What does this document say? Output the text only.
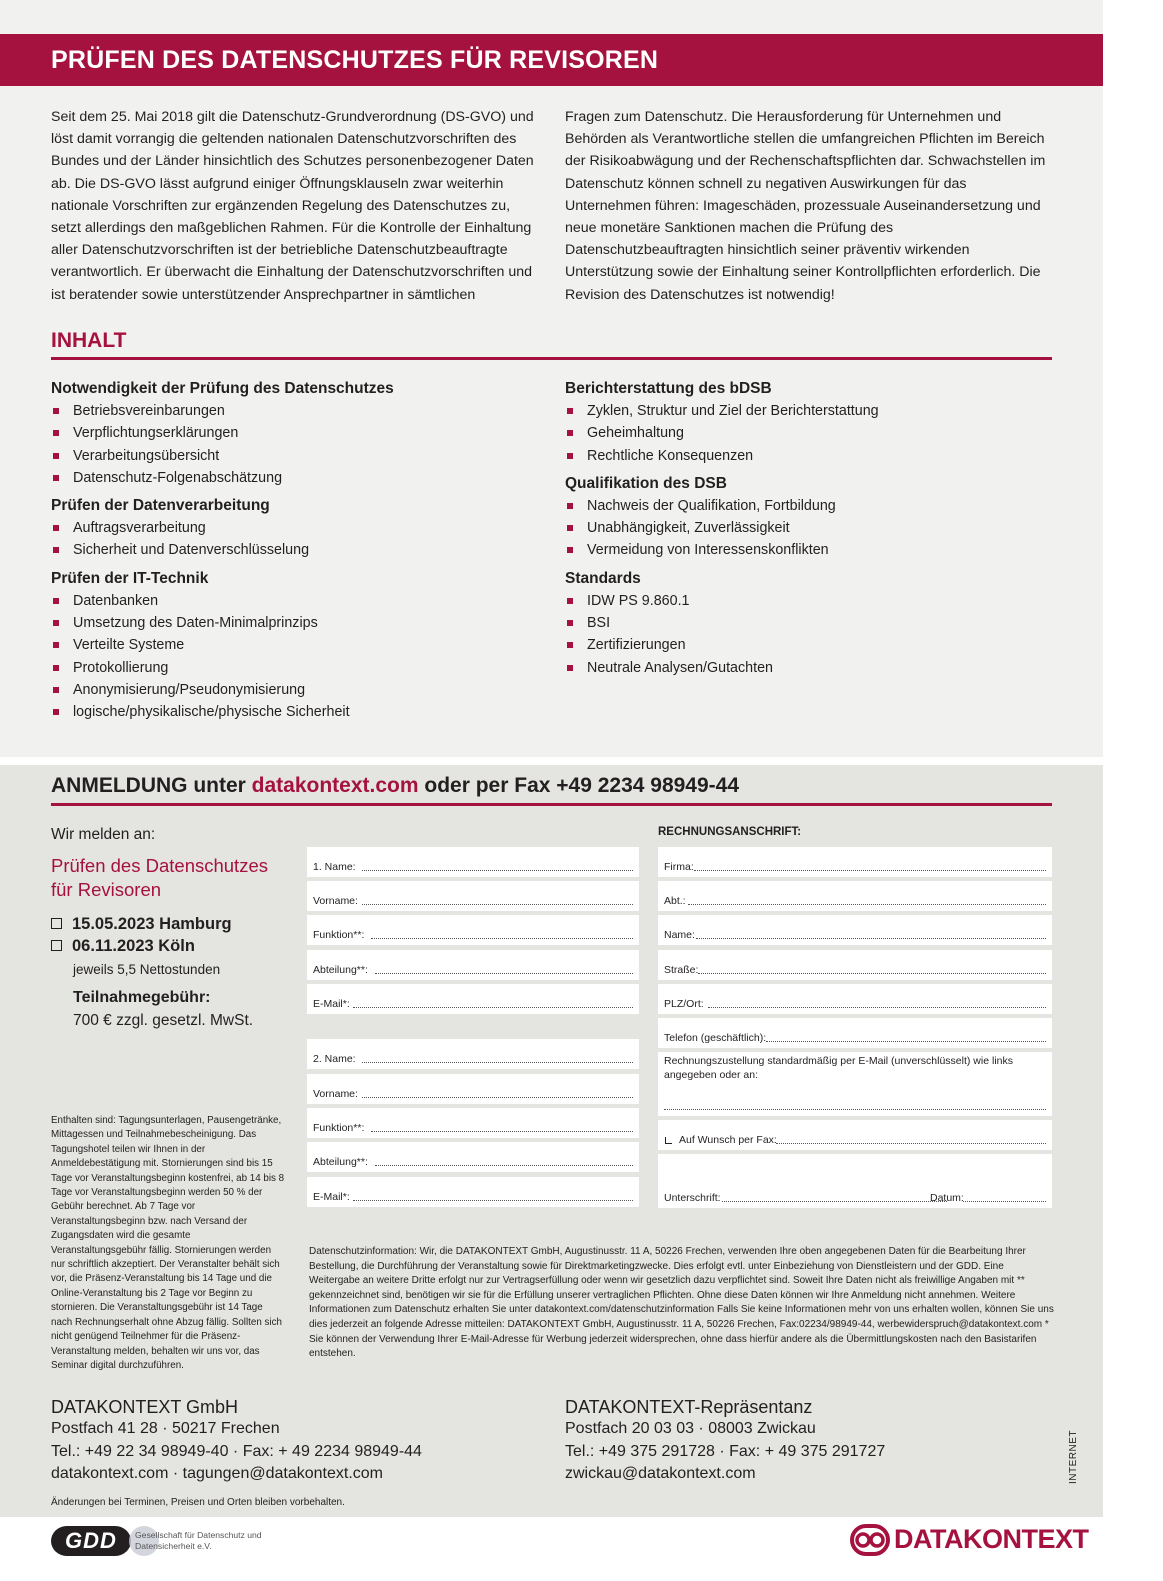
PRÜFEN DES DATENSCHUTZES FÜR REVISOREN

Seit dem 25. Mai 2018 gilt die Datenschutz-Grundverordnung (DS-GVO) und löst damit vorrangig die geltenden nationalen Datenschutzvorschriften des Bundes und der Länder hinsichtlich des Schutzes personenbezogener Daten ab. Die DS-GVO lässt aufgrund einiger Öffnungsklauseln zwar weiterhin nationale Vorschriften zur ergänzenden Regelung des Datenschutzes zu, setzt allerdings den maßgeblichen Rahmen. Für die Kontrolle der Einhaltung aller Datenschutzvorschriften ist der betriebliche Datenschutzbeauftragte verantwortlich. Er überwacht die Einhaltung der Datenschutzvorschriften und ist beratender sowie unterstützender Ansprechpartner in sämtlichen

Fragen zum Datenschutz. Die Herausforderung für Unternehmen und Behörden als Verantwortliche stellen die umfangreichen Pflichten im Bereich der Risikoabwägung und der Rechenschaftspflichten dar. Schwachstellen im Datenschutz können schnell zu negativen Auswirkungen für das Unternehmen führen: Imageschäden, prozessuale Auseinandersetzung und neue monetäre Sanktionen machen die Prüfung des Datenschutzbeauftragten hinsichtlich seiner präventiv wirkenden Unterstützung sowie der Einhaltung seiner Kontrollpflichten erforderlich. Die Revision des Datenschutzes ist notwendig!

INHALT
Notwendigkeit der Prüfung des Datenschutzes
Betriebsvereinbarungen
Verpflichtungserklärungen
Verarbeitungsübersicht
Datenschutz-Folgenabschätzung
Prüfen der Datenverarbeitung
Auftragsverarbeitung
Sicherheit und Datenverschlüsselung
Prüfen der IT-Technik
Datenbanken
Umsetzung des Daten-Minimalprinzips
Verteilte Systeme
Protokollierung
Anonymisierung/Pseudonymisierung
logische/physikalische/physische Sicherheit
Berichterstattung des bDSB
Zyklen, Struktur und Ziel der Berichterstattung
Geheimhaltung
Rechtliche Konsequenzen
Qualifikation des DSB
Nachweis der Qualifikation, Fortbildung
Unabhängigkeit, Zuverlässigkeit
Vermeidung von Interessenskonflikten
Standards
IDW PS 9.860.1
BSI
Zertifizierungen
Neutrale Analysen/Gutachten
ANMELDUNG unter datakontext.com oder per Fax +49 2234 98949-44
Wir melden an:
Prüfen des Datenschutzes für Revisoren
15.05.2023 Hamburg
06.11.2023 Köln
jeweils 5,5 Nettostunden
Teilnahmegebühr:
700 € zzgl. gesetzl. MwSt.

Enthalten sind: Tagungsunterlagen, Pausengetränke, Mittagessen und Teilnahmebescheinigung. Das Tagungshotel teilen wir Ihnen in der Anmeldebestätigung mit. Stornierungen sind bis 15 Tage vor Veranstaltungsbeginn kostenfrei, ab 14 bis 8 Tage vor Veranstaltungsbeginn werden 50 % der Gebühr berechnet. Ab 7 Tage vor Veranstaltungsbeginn bzw. nach Versand der Zugangsdaten wird die gesamte Veranstaltungsgebühr fällig. Stornierungen werden nur schriftlich akzeptiert. Der Veranstalter behält sich vor, die Präsenz-Veranstaltung bis 14 Tage und die Online-Veranstaltung bis 2 Tage vor Beginn zu stornieren. Die Veranstaltungsgebühr ist 14 Tage nach Rechnungserhalt ohne Abzug fällig. Sollten sich nicht genügend Teilnehmer für die Präsenz-Veranstaltung melden, behalten wir uns vor, das Seminar digital durchzuführen.

1. Name:
Vorname:
Funktion**:
Abteilung**:
E-Mail*:
2. Name:
Vorname:
Funktion**:
Abteilung**:
E-Mail*:
RECHNUNGSANSCHRIFT:
Firma:
Abt.:
Name:
Straße:
PLZ/Ort:
Telefon (geschäftlich):
Rechnungszustellung standardmäßig per E-Mail (unverschlüsselt) wie links angegeben oder an:
Auf Wunsch per Fax:
Unterschrift:	Datum:

Datenschutzinformation: Wir, die DATAKONTEXT GmbH, Augustinusstr. 11 A, 50226 Frechen, verwenden Ihre oben angegebenen Daten für die Bearbeitung Ihrer Bestellung, die Durchführung der Veranstaltung sowie für Direktmarketingzwecke. Dies erfolgt evtl. unter Einbeziehung von Dienstleistern und der GDD. Eine Weitergabe an weitere Dritte erfolgt nur zur Vertragserfüllung oder wenn wir gesetzlich dazu verpflichtet sind. Soweit Ihre Daten nicht als freiwillige Angaben mit ** gekennzeichnet sind, benötigen wir sie für die Erfüllung unserer vertraglichen Pflichten. Ohne diese Daten können wir Ihre Anmeldung nicht annehmen. Weitere Informationen zum Datenschutz erhalten Sie unter datakontext.com/datenschutzinformation Falls Sie keine Informationen mehr von uns erhalten wollen, können Sie uns dies jederzeit an folgende Adresse mitteilen: DATAKONTEXT GmbH, Augustinusstr. 11 A, 50226 Frechen, Fax:02234/98949-44, werbewiderspruch@datakontext.com * Sie können der Verwendung Ihrer E-Mail-Adresse für Werbung jederzeit widersprechen, ohne dass hierfür andere als die Übermittlungskosten nach den Basistarifen entstehen.

DATAKONTEXT GmbH
Postfach 41 28 · 50217 Frechen
Tel.: +49 22 34 98949-40 · Fax: + 49 2234 98949-44
datakontext.com · tagungen@datakontext.com
DATAKONTEXT-Repräsentanz
Postfach 20 03 03 · 08003 Zwickau
Tel.: +49 375 291728 · Fax: + 49 375 291727
zwickau@datakontext.com	INTERNET
Änderungen bei Terminen, Preisen und Orten bleiben vorbehalten.
GDD	Gesellschaft für Datenschutz und Datensicherheit e.V.	DATAKONTEXT
